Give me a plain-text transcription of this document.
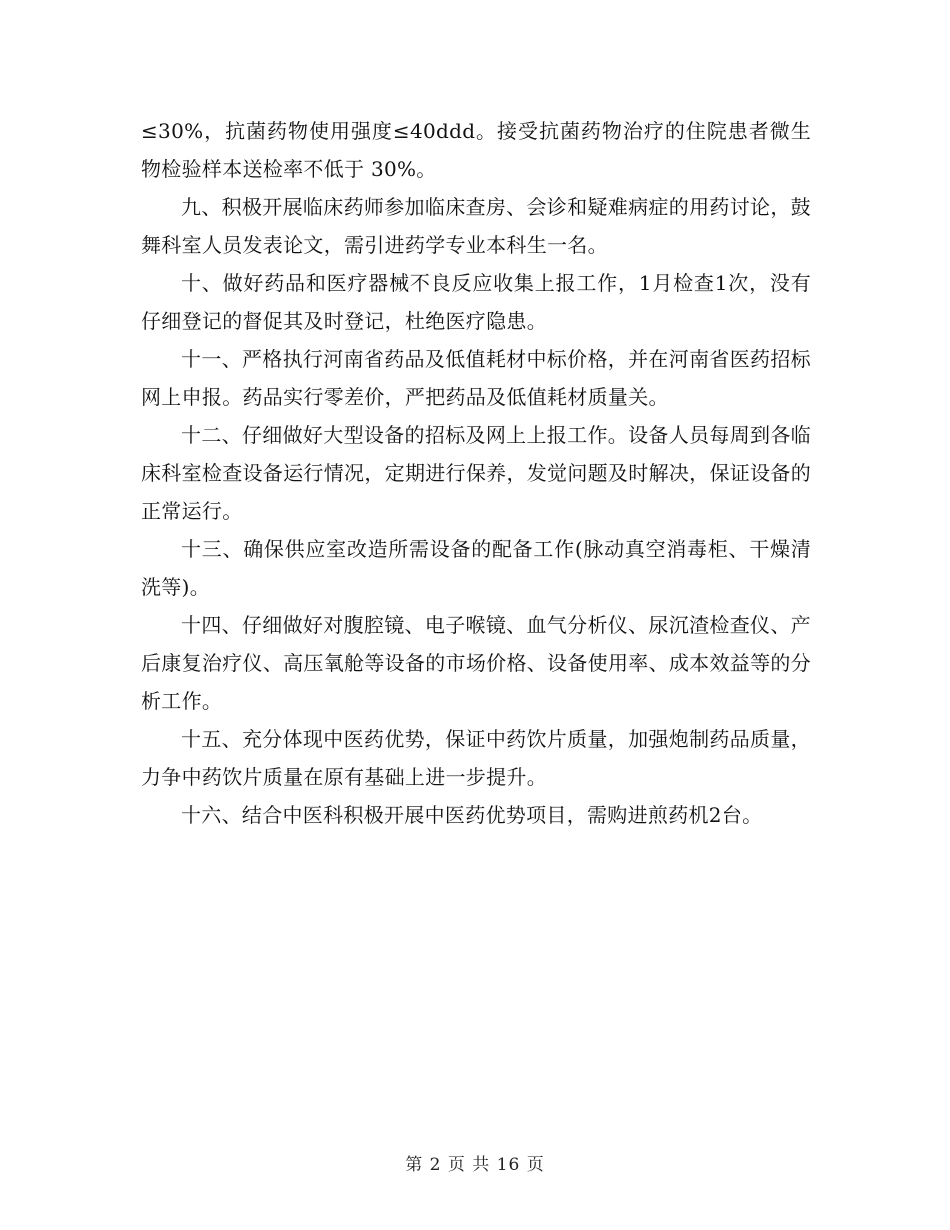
≤30%，抗菌药物使用强度≤40ddd。接受抗菌药物治疗的住院患者微生物检验样本送检率不低于 30%。

九、积极开展临床药师参加临床查房、会诊和疑难病症的用药讨论，鼓舞科室人员发表论文，需引进药学专业本科生一名。

十、做好药品和医疗器械不良反应收集上报工作，1月检查1次，没有仔细登记的督促其及时登记，杜绝医疗隐患。

十一、严格执行河南省药品及低值耗材中标价格，并在河南省医药招标网上申报。药品实行零差价，严把药品及低值耗材质量关。

十二、仔细做好大型设备的招标及网上上报工作。设备人员每周到各临床科室检查设备运行情况，定期进行保养，发觉问题及时解决，保证设备的正常运行。

十三、确保供应室改造所需设备的配备工作(脉动真空消毒柜、干燥清洗等)。

十四、仔细做好对腹腔镜、电子喉镜、血气分析仪、尿沉渣检查仪、产后康复治疗仪、高压氧舱等设备的市场价格、设备使用率、成本效益等的分析工作。

十五、充分体现中医药优势，保证中药饮片质量，加强炮制药品质量，力争中药饮片质量在原有基础上进一步提升。

十六、结合中医科积极开展中医药优势项目，需购进煎药机2台。

第 2 页 共 16 页
